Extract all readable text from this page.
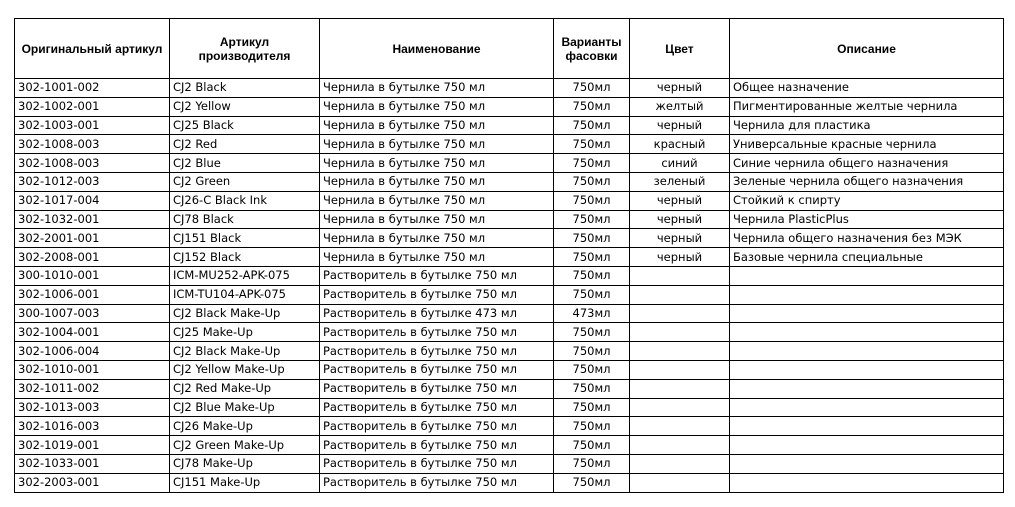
Оригинальный артикул	Артикул производителя	Наименование	Варианты фасовки	Цвет	Описание
302-1001-002	CJ2 Black	Чернила в бутылке 750 мл	750мл	черный	Общее назначение
302-1002-001	CJ2 Yellow	Чернила в бутылке 750 мл	750мл	желтый	Пигментированные желтые чернила
302-1003-001	CJ25 Black	Чернила в бутылке 750 мл	750мл	черный	Чернила для пластика
302-1008-003	CJ2 Red	Чернила в бутылке 750 мл	750мл	красный	Универсальные красные чернила
302-1008-003	CJ2 Blue	Чернила в бутылке 750 мл	750мл	синий	Синие чернила общего назначения
302-1012-003	CJ2 Green	Чернила в бутылке 750 мл	750мл	зеленый	Зеленые чернила общего назначения
302-1017-004	CJ26-C Black Ink	Чернила в бутылке 750 мл	750мл	черный	Стойкий к спирту
302-1032-001	CJ78 Black	Чернила в бутылке 750 мл	750мл	черный	Чернила PlasticPlus
302-2001-001	CJ151 Black	Чернила в бутылке 750 мл	750мл	черный	Чернила общего назначения без МЭК
302-2008-001	CJ152 Black	Чернила в бутылке 750 мл	750мл	черный	Базовые чернила специальные
300-1010-001	ICM-MU252-APK-075	Растворитель в бутылке 750 мл	750мл		
302-1006-001	ICM-TU104-APK-075	Растворитель в бутылке 750 мл	750мл		
300-1007-003	CJ2 Black Make-Up	Растворитель в бутылке 473 мл	473мл		
302-1004-001	CJ25 Make-Up	Растворитель в бутылке 750 мл	750мл		
302-1006-004	CJ2 Black Make-Up	Растворитель в бутылке 750 мл	750мл		
302-1010-001	CJ2 Yellow Make-Up	Растворитель в бутылке 750 мл	750мл		
302-1011-002	CJ2 Red Make-Up	Растворитель в бутылке 750 мл	750мл		
302-1013-003	CJ2 Blue Make-Up	Растворитель в бутылке 750 мл	750мл		
302-1016-003	CJ26 Make-Up	Растворитель в бутылке 750 мл	750мл		
302-1019-001	CJ2 Green Make-Up	Растворитель в бутылке 750 мл	750мл		
302-1033-001	CJ78 Make-Up	Растворитель в бутылке 750 мл	750мл		
302-2003-001	CJ151 Make-Up	Растворитель в бутылке 750 мл	750мл		
